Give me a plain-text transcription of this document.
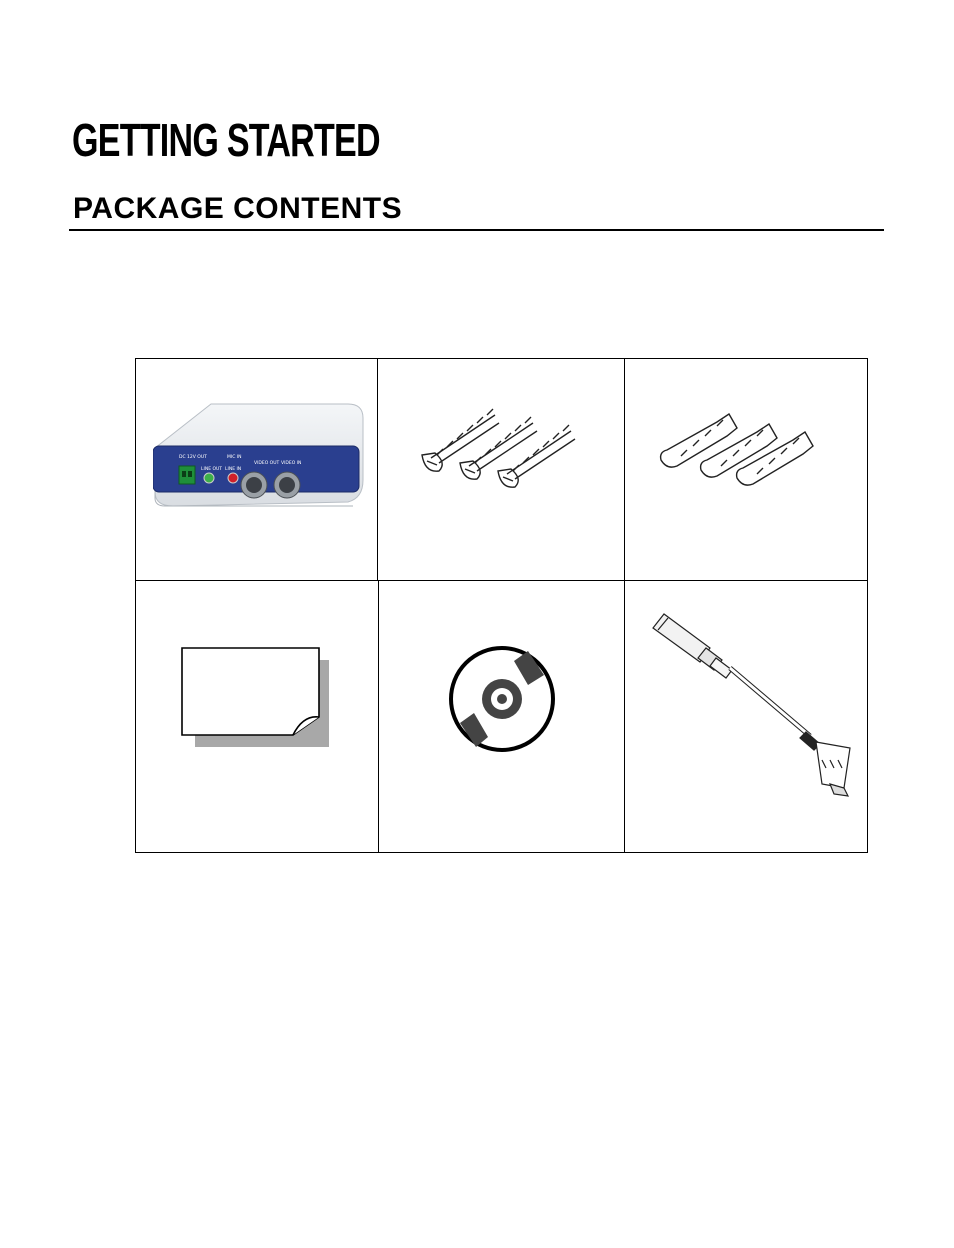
GETTING STARTED
PACKAGE CONTENTS
DC 12V OUT
LINE OUT
MIC IN
LINE IN
VIDEO OUT VIDEO IN
